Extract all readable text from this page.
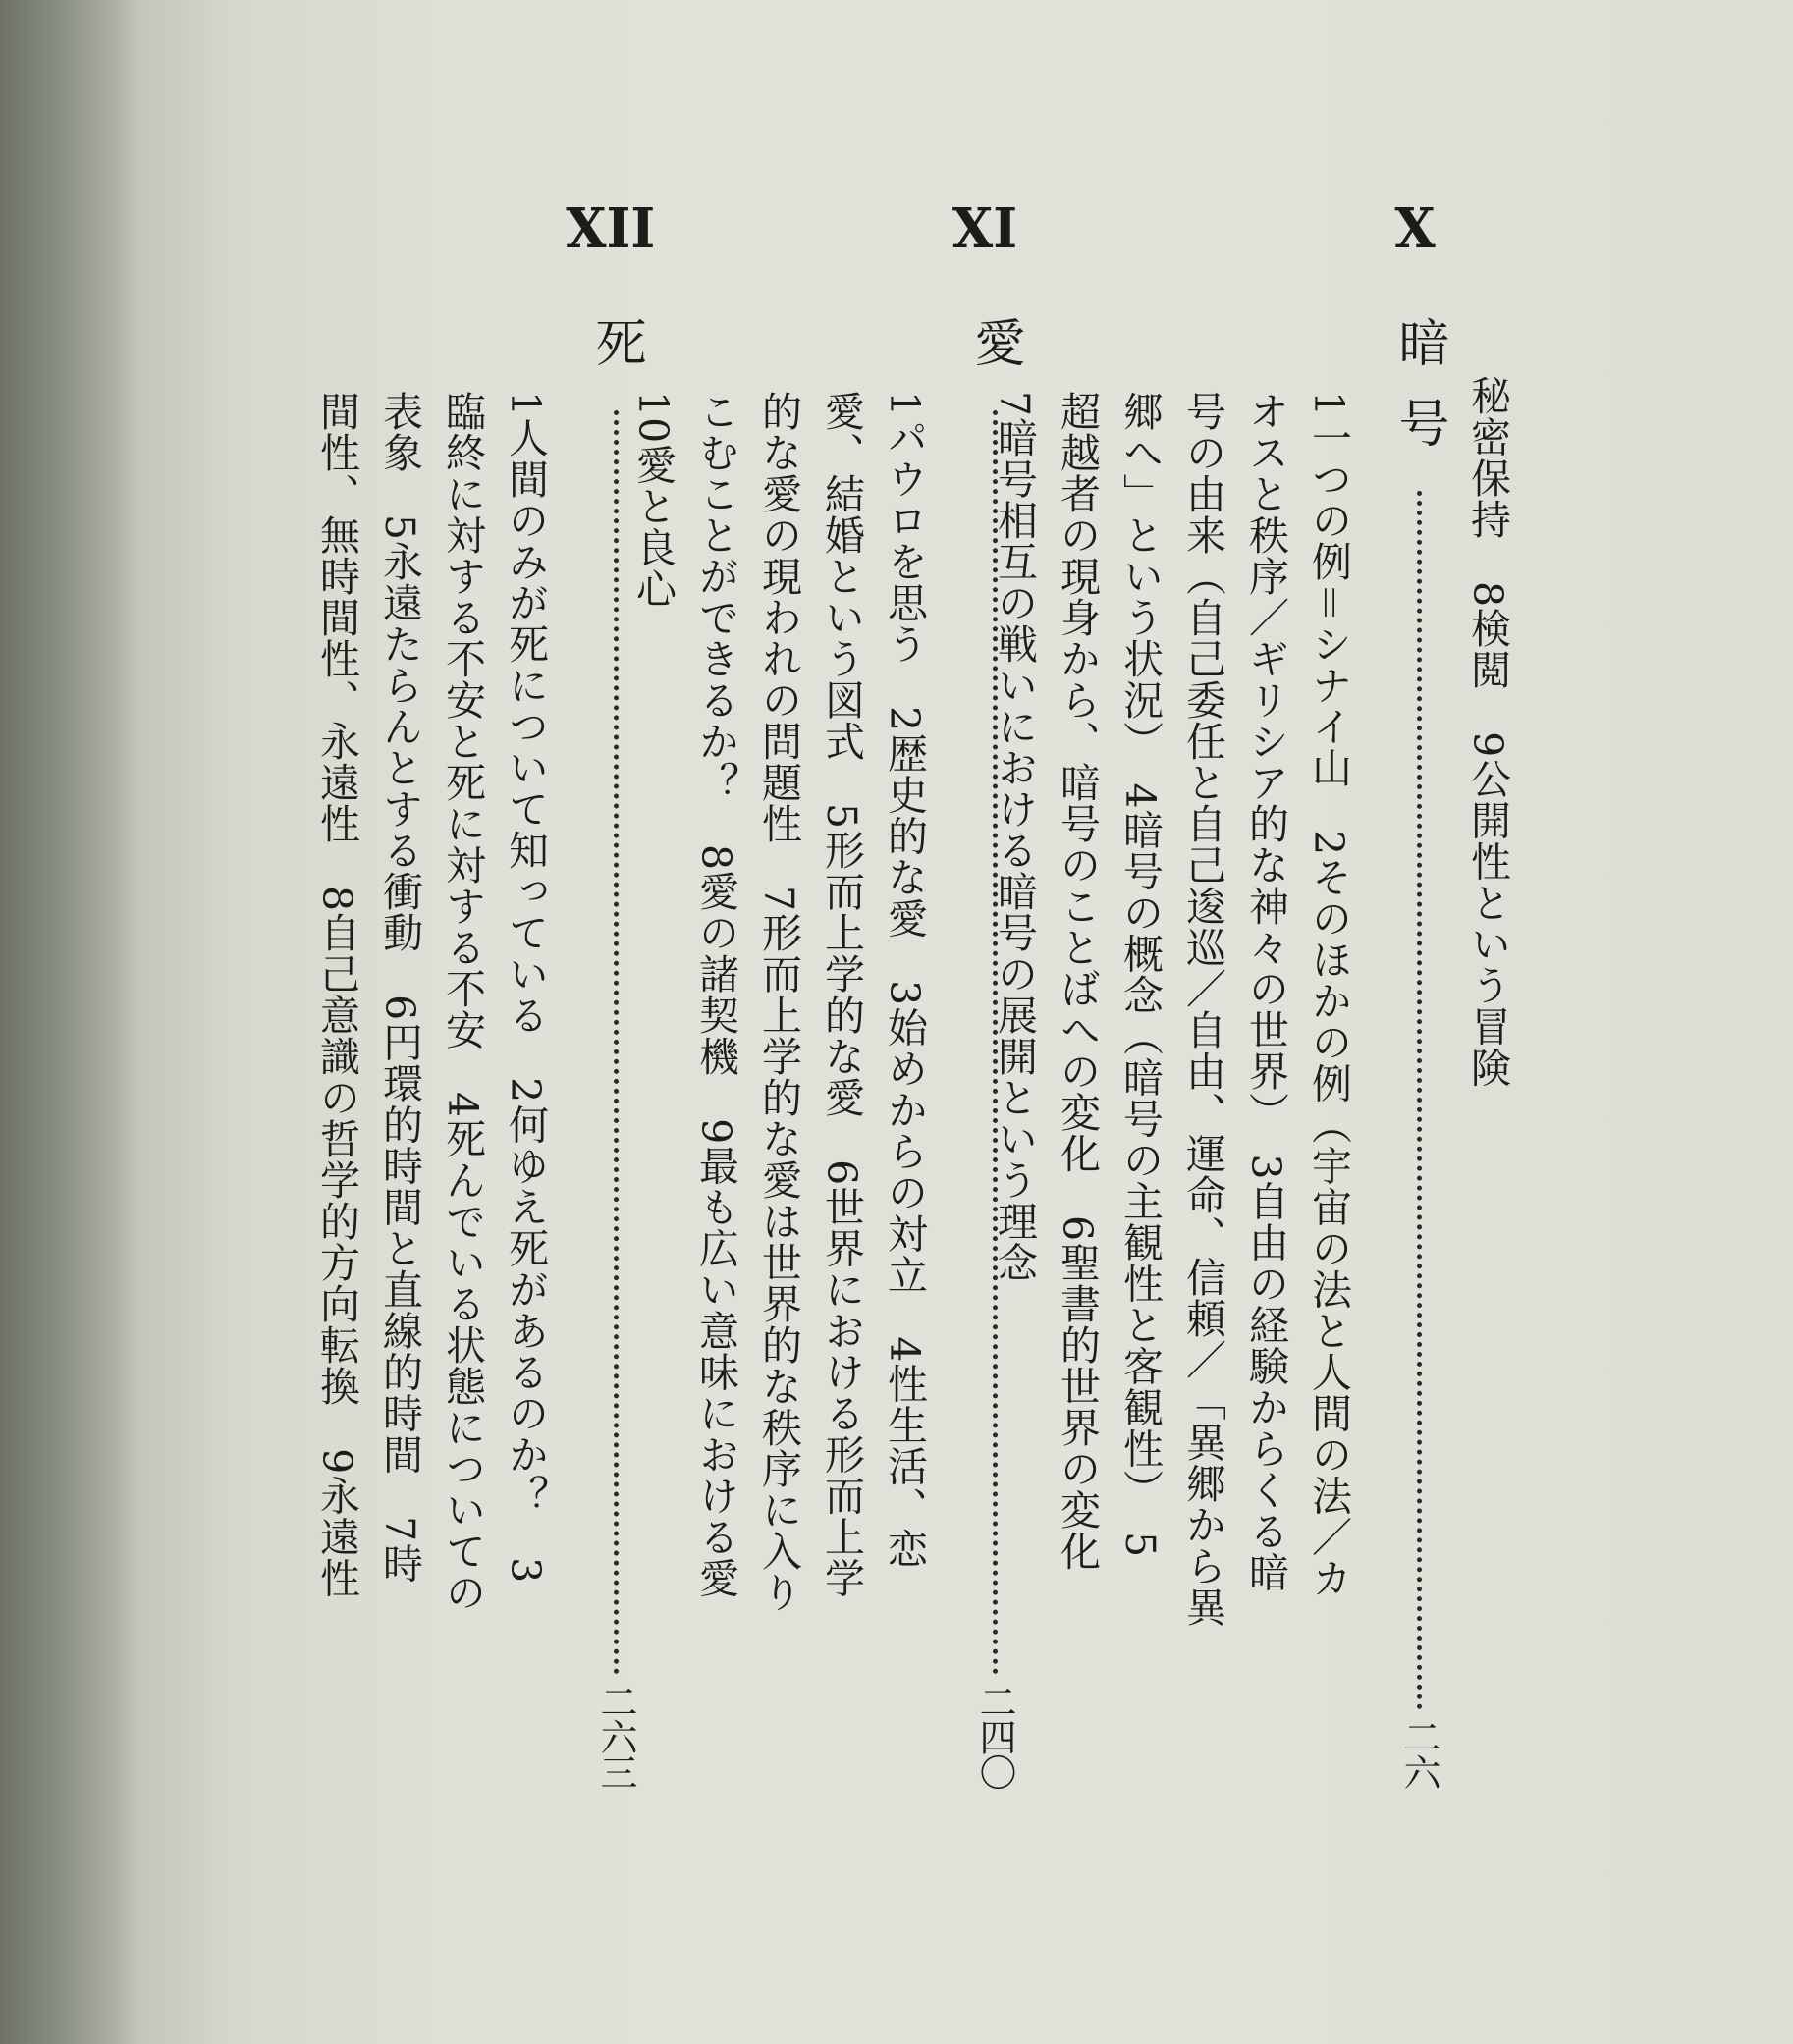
X
暗号
二六
秘密保持　8検閲　9公開性という冒険
1一つの例＝シナイ山　2そのほかの例（宇宙の法と人間の法／カ
オスと秩序／ギリシア的な神々の世界）　3自由の経験からくる暗
号の由来（自己委任と自己逡巡／自由、運命、信頼／「異郷から異
郷へ」という状況）　4暗号の概念（暗号の主観性と客観性）　5
超越者の現身から、暗号のことばへの変化　6聖書的世界の変化
7暗号相互の戦いにおける暗号の展開という理念
XI
愛
二四〇
1パウロを思う　2歴史的な愛　3始めからの対立　4性生活、恋
愛、結婚という図式　5形而上学的な愛　6世界における形而上学
的な愛の現われの問題性　7形而上学的な愛は世界的な秩序に入り
こむことができるか？　8愛の諸契機　9最も広い意味における愛
10愛と良心
XII
死
二六三
1人間のみが死について知っている　2何ゆえ死があるのか？　3
臨終に対する不安と死に対する不安　4死んでいる状態についての
表象　5永遠たらんとする衝動　6円環的時間と直線的時間　7時
間性、無時間性、永遠性　8自己意識の哲学的方向転換　9永遠性
